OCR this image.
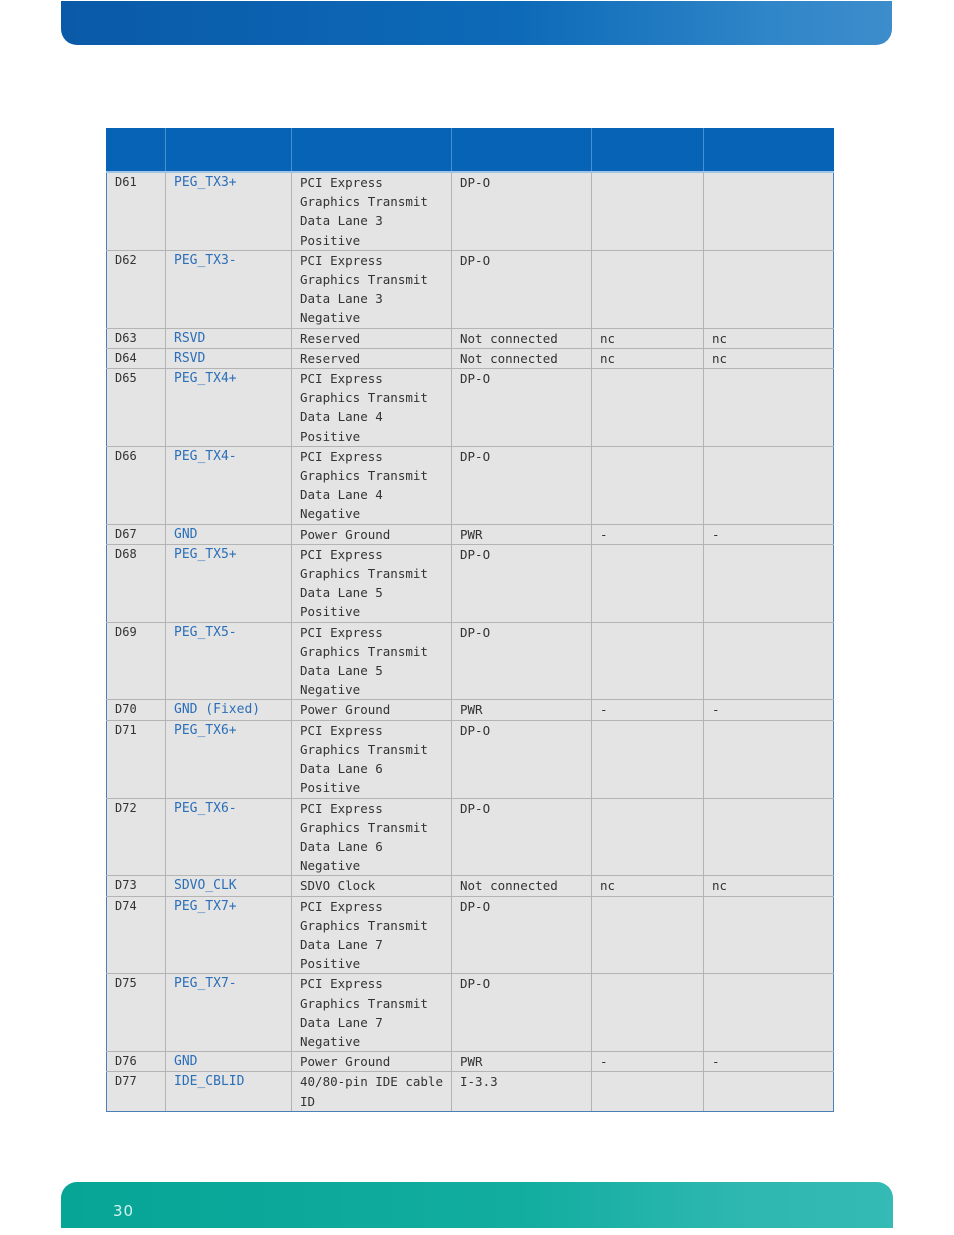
D61	PEG_TX3+	PCI Express Graphics Transmit Data Lane 3 Positive	DP-O		
D62	PEG_TX3-	PCI Express Graphics Transmit Data Lane 3 Negative	DP-O		
D63	RSVD	Reserved	Not connected	nc	nc
D64	RSVD	Reserved	Not connected	nc	nc
D65	PEG_TX4+	PCI Express Graphics Transmit Data Lane 4 Positive	DP-O		
D66	PEG_TX4-	PCI Express Graphics Transmit Data Lane 4 Negative	DP-O		
D67	GND	Power Ground	PWR	-	-
D68	PEG_TX5+	PCI Express Graphics Transmit Data Lane 5 Positive	DP-O		
D69	PEG_TX5-	PCI Express Graphics Transmit Data Lane 5 Negative	DP-O		
D70	GND (Fixed)	Power Ground	PWR	-	-
D71	PEG_TX6+	PCI Express Graphics Transmit Data Lane 6 Positive	DP-O		
D72	PEG_TX6-	PCI Express Graphics Transmit Data Lane 6 Negative	DP-O		
D73	SDVO_CLK	SDVO Clock	Not connected	nc	nc
D74	PEG_TX7+	PCI Express Graphics Transmit Data Lane 7 Positive	DP-O		
D75	PEG_TX7-	PCI Express Graphics Transmit Data Lane 7 Negative	DP-O		
D76	GND	Power Ground	PWR	-	-
D77	IDE_CBLID	40/80-pin IDE cable ID	I-3.3		
30
